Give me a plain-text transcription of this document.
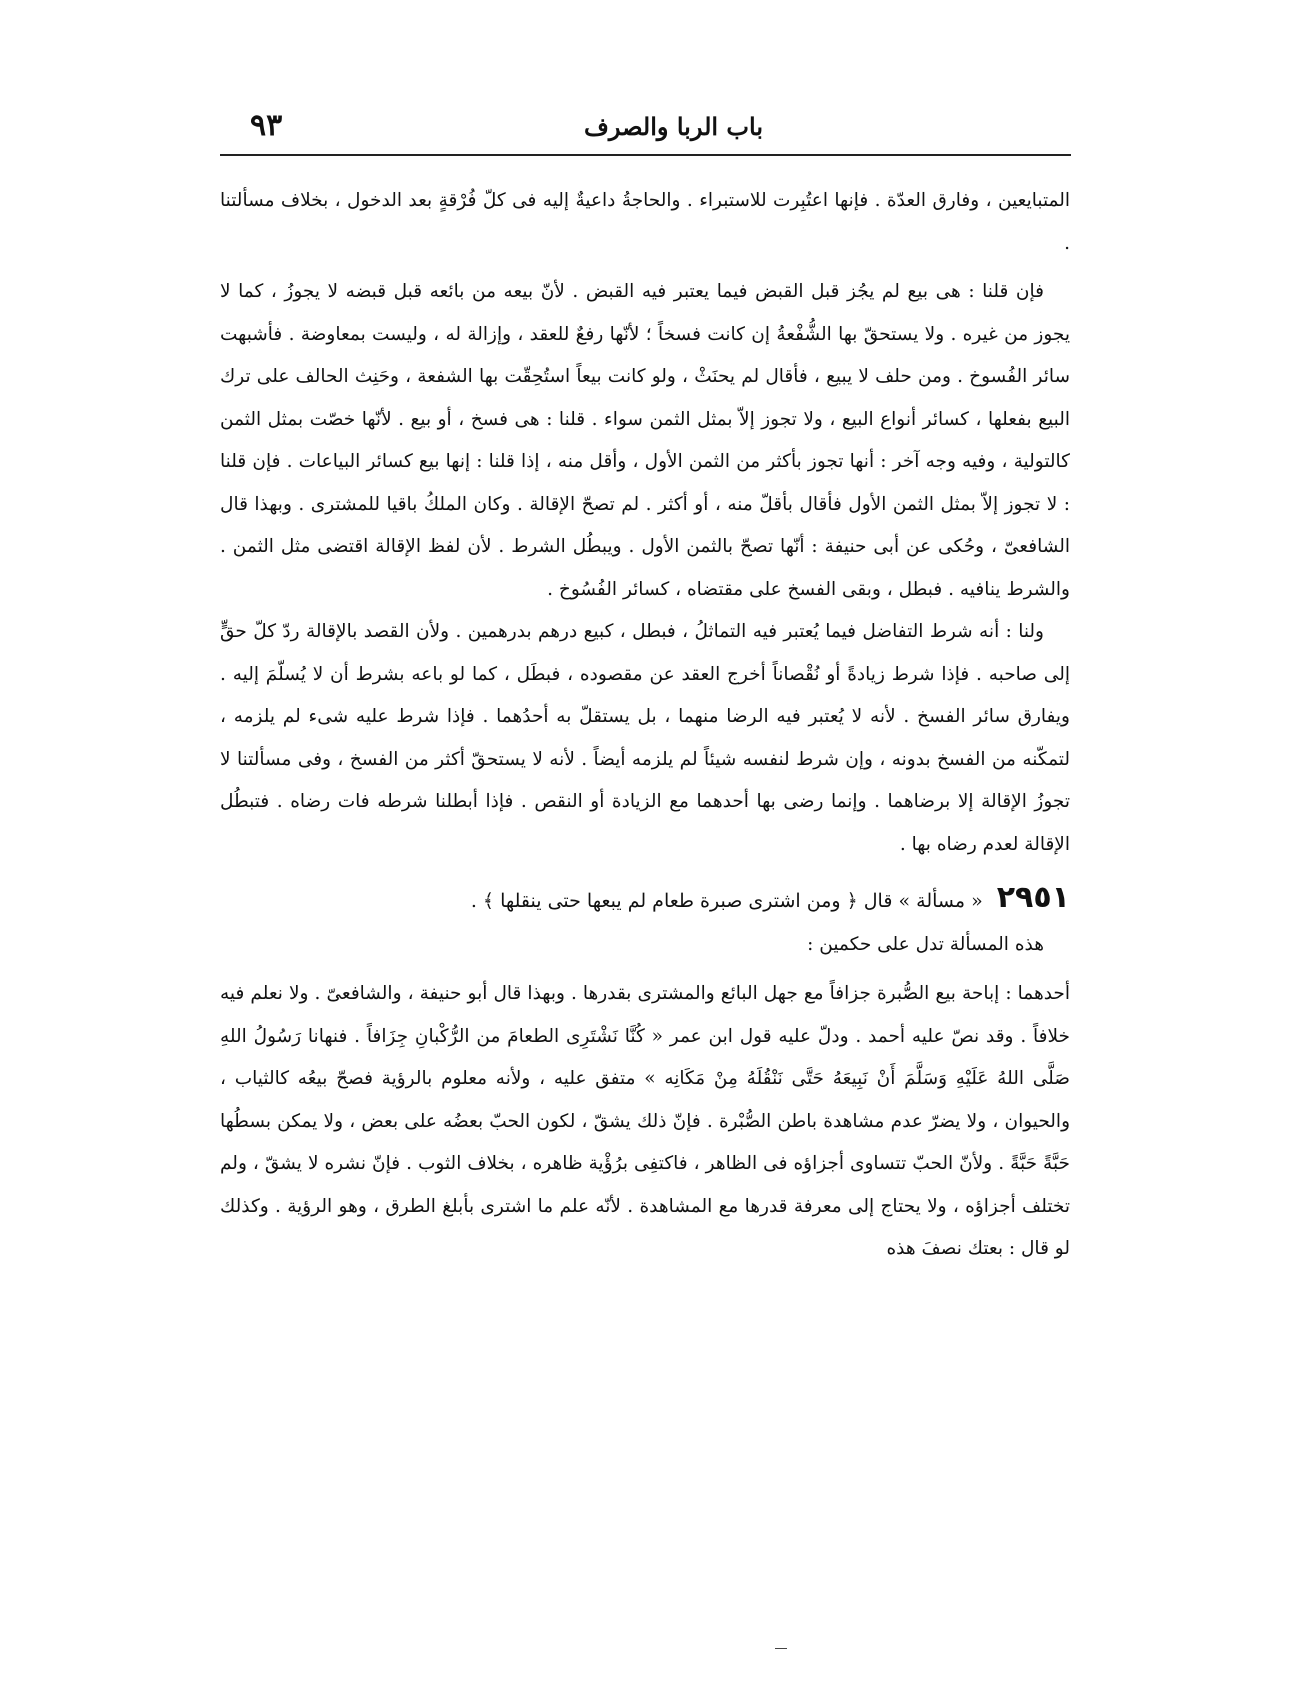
باب الربا والصرف
٩٣

المتبايعين ، وفارق العدّة . فإنها اعتُبِرت للاستبراء . والحاجةُ داعيةٌ إليه فى كلّ فُرْقةٍ بعد الدخول ، بخلاف مسألتنا .

فإن قلنا : هى بيع لم يجُز قبل القبض فيما يعتبر فيه القبض . لأنّ بيعه من بائعه قبل قبضه لا يجوزُ ، كما لا يجوز من غيره . ولا يستحقّ بها الشُّفْعةُ إن كانت فسخاً ؛ لأنّها رفعٌ للعقد ، وإزالة له ، وليست بمعاوضة . فأشبهت سائر الفُسوخ . ومن حلف لا يبيع ، فأقال لم يحنَثْ ، ولو كانت بيعاً استُحِقّت بها الشفعة ، وحَنِث الحالف على ترك البيع بفعلها ، كسائر أنواع البيع ، ولا تجوز إلاّ بمثل الثمن سواء . قلنا : هى فسخ ، أو بيع . لأنّها خصّت بمثل الثمن كالتولية ، وفيه وجه آخر : أنها تجوز بأكثر من الثمن الأول ، وأقل منه ، إذا قلنا : إنها بيع كسائر البياعات . فإن قلنا : لا تجوز إلاّ بمثل الثمن الأول فأقال بأقلّ منه ، أو أكثر . لم تصحّ الإقالة . وكان الملكُ باقيا للمشترى . وبهذا قال الشافعىّ ، وحُكى عن أبى حنيفة : أنّها تصحّ بالثمن الأول . ويبطُل الشرط . لأن لفظ الإقالة اقتضى مثل الثمن . والشرط ينافيه . فبطل ، وبقى الفسخ على مقتضاه ، كسائر الفُسُوخ .

ولنا : أنه شرط التفاضل فيما يُعتبر فيه التماثلُ ، فبطل ، كبيع درهم بدرهمين . ولأن القصد بالإقالة ردّ كلّ حقٍّ إلى صاحبه . فإذا شرط زيادةً أو نُقْصاناً أخرج العقد عن مقصوده ، فبطَل ، كما لو باعه بشرط أن لا يُسلّمَ إليه . ويفارق سائر الفسخ . لأنه لا يُعتبر فيه الرضا منهما ، بل يستقلّ به أحدُهما . فإذا شرط عليه شىء لم يلزمه ، لتمكّنه من الفسخ بدونه ، وإن شرط لنفسه شيئاً لم يلزمه أيضاً . لأنه لا يستحقّ أكثر من الفسخ ، وفى مسألتنا لا تجوزُ الإقالة إلا برضاهما . وإنما رضى بها أحدهما مع الزيادة أو النقص . فإذا أبطلنا شرطه فات رضاه . فتبطُل الإقالة لعدم رضاه بها .

٢٩٥١ « مسألة » قال ﴿ ومن اشترى صبرة طعام لم يبعها حتى ينقلها ﴾ .

هذه المسألة تدل على حكمين :

أحدهما : إباحة بيع الصُّبرة جزافاً مع جهل البائع والمشترى بقدرها . وبهذا قال أبو حنيفة ، والشافعىّ . ولا نعلم فيه خلافاً . وقد نصّ عليه أحمد . ودلّ عليه قول ابن عمر « كُنَّا نَشْتَرِى الطعامَ من الرُّكْبانِ جِزَافاً . فنهانا رَسُولُ اللهِ صَلَّى اللهُ عَلَيْهِ وَسَلَّمَ أَنْ نَبِيعَهُ حَتَّى نَنْقُلَهُ مِنْ مَكَانِه » متفق عليه ، ولأنه معلوم بالرؤية فصحّ بيعُه كالثياب ، والحيوان ، ولا يضرّ عدم مشاهدة باطن الصُّبْرة . فإنّ ذلك يشقّ ، لكون الحبّ بعضُه على بعض ، ولا يمكن بسطُها حَبَّةً حَبَّةً . ولأنّ الحبّ تتساوى أجزاؤه فى الظاهر ، فاكتفِى برُؤْية ظاهره ، بخلاف الثوب . فإنّ نشره لا يشقّ ، ولم تختلف أجزاؤه ، ولا يحتاج إلى معرفة قدرها مع المشاهدة . لأنّه علم ما اشترى بأبلغ الطرق ، وهو الرؤية . وكذلك لو قال : بعتك نصفَ هذه
